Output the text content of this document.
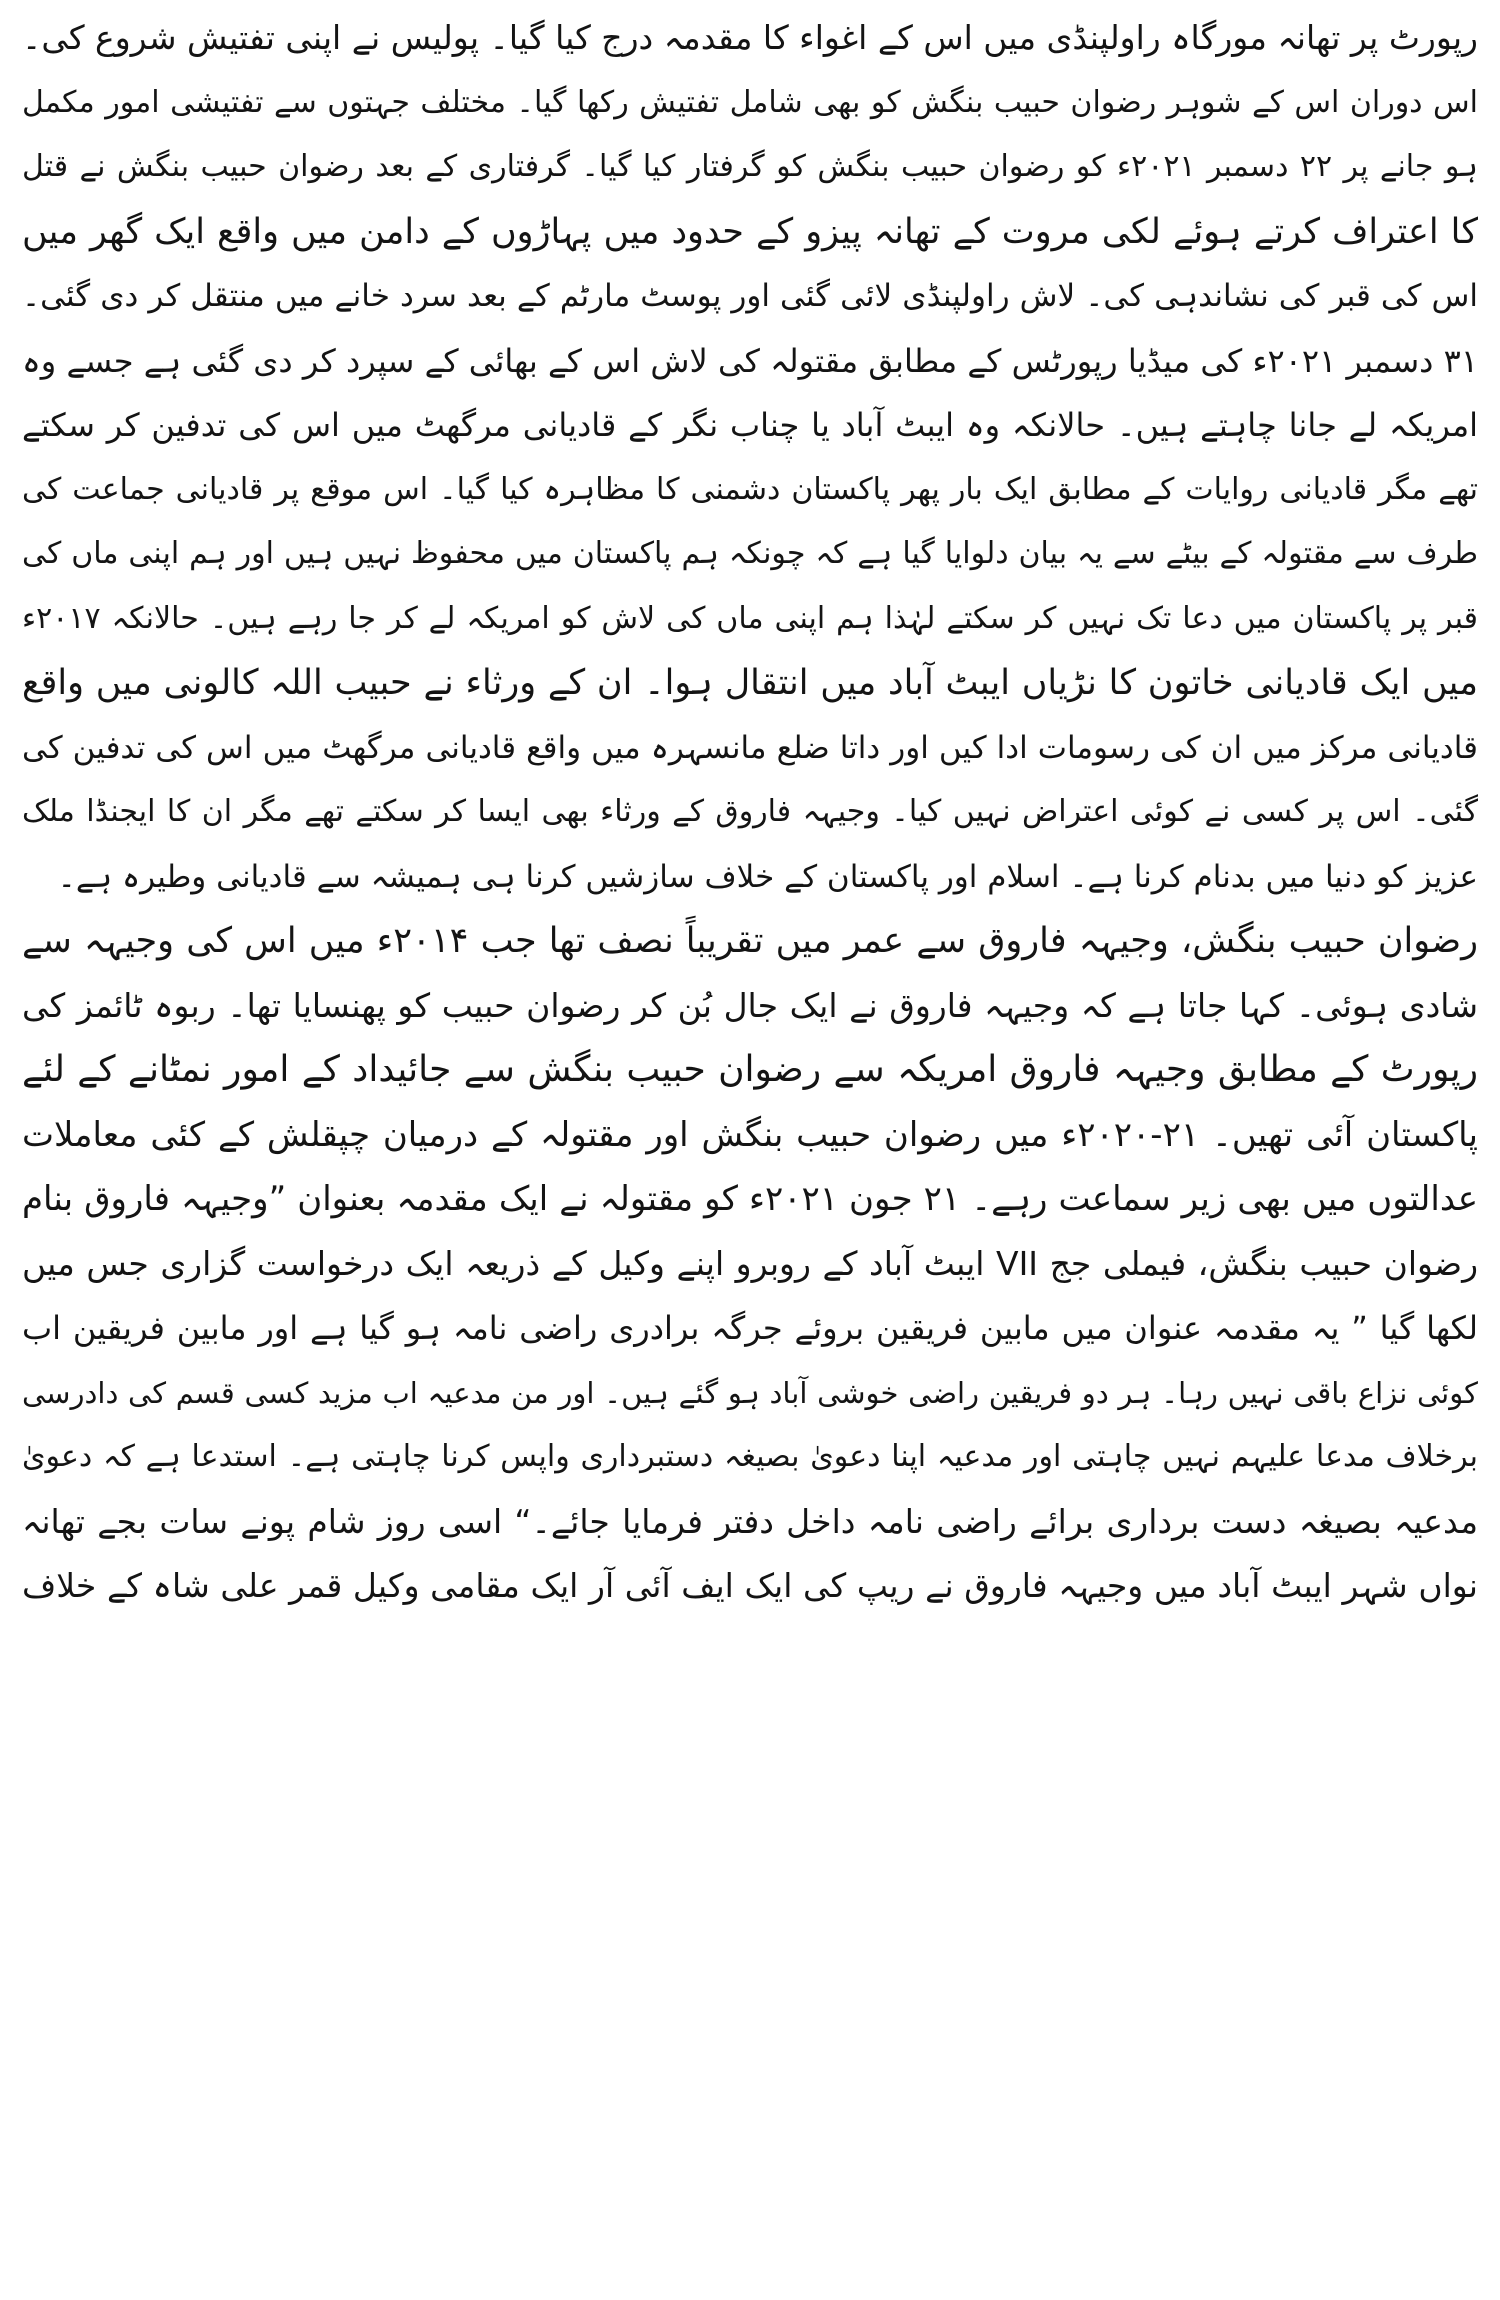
رپورٹ پر تھانہ مورگاہ راولپنڈی میں اس کے اغواء کا مقدمہ درج کیا گیا۔ پولیس نے اپنی تفتیش شروع کی۔
اس دوران اس کے شوہر رضوان حبیب بنگش کو بھی شامل تفتیش رکھا گیا۔ مختلف جہتوں سے تفتیشی امور مکمل
ہو جانے پر ۲۲ دسمبر ۲۰۲۱ء کو رضوان حبیب بنگش کو گرفتار کیا گیا۔ گرفتاری کے بعد رضوان حبیب بنگش نے قتل
کا اعتراف کرتے ہوئے لکی مروت کے تھانہ پیزو کے حدود میں پہاڑوں کے دامن میں واقع ایک گھر میں
اس کی قبر کی نشاندہی کی۔ لاش راولپنڈی لائی گئی اور پوسٹ مارٹم کے بعد سرد خانے میں منتقل کر دی گئی۔
۳۱ دسمبر ۲۰۲۱ء کی میڈیا رپورٹس کے مطابق مقتولہ کی لاش اس کے بھائی کے سپرد کر دی گئی ہے جسے وہ
امریکہ لے جانا چاہتے ہیں۔ حالانکہ وہ ایبٹ آباد یا چناب نگر کے قادیانی مرگھٹ میں اس کی تدفین کر سکتے
تھے مگر قادیانی روایات کے مطابق ایک بار پھر پاکستان دشمنی کا مظاہرہ کیا گیا۔ اس موقع پر قادیانی جماعت کی
طرف سے مقتولہ کے بیٹے سے یہ بیان دلوایا گیا ہے کہ چونکہ ہم پاکستان میں محفوظ نہیں ہیں اور ہم اپنی ماں کی
قبر پر پاکستان میں دعا تک نہیں کر سکتے لہٰذا ہم اپنی ماں کی لاش کو امریکہ لے کر جا رہے ہیں۔ حالانکہ ۲۰۱۷ء
میں ایک قادیانی خاتون کا نڑیاں ایبٹ آباد میں انتقال ہوا۔ ان کے ورثاء نے حبیب اللہ کالونی میں واقع
قادیانی مرکز میں ان کی رسومات ادا کیں اور داتا ضلع مانسہرہ میں واقع قادیانی مرگھٹ میں اس کی تدفین کی
گئی۔ اس پر کسی نے کوئی اعتراض نہیں کیا۔ وجیہہ فاروق کے ورثاء بھی ایسا کر سکتے تھے مگر ان کا ایجنڈا ملک
عزیز کو دنیا میں بدنام کرنا ہے۔ اسلام اور پاکستان کے خلاف سازشیں کرنا ہی ہمیشہ سے قادیانی وطیرہ ہے۔
رضوان حبیب بنگش، وجیہہ فاروق سے عمر میں تقریباً نصف تھا جب ۲۰۱۴ء میں اس کی وجیہہ سے
شادی ہوئی۔ کہا جاتا ہے کہ وجیہہ فاروق نے ایک جال بُن کر رضوان حبیب کو پھنسایا تھا۔ ربوہ ٹائمز کی
رپورٹ کے مطابق وجیہہ فاروق امریکہ سے رضوان حبیب بنگش سے جائیداد کے امور نمٹانے کے لئے
پاکستان آئی تھیں۔ ۲۱-۲۰۲۰ء میں رضوان حبیب بنگش اور مقتولہ کے درمیان چپقلش کے کئی معاملات
عدالتوں میں بھی زیر سماعت رہے۔ ۲۱ جون ۲۰۲۱ء کو مقتولہ نے ایک مقدمہ بعنوان ”وجیہہ فاروق بنام
رضوان حبیب بنگش، فیملی جج VII ایبٹ آباد کے روبرو اپنے وکیل کے ذریعہ ایک درخواست گزاری جس میں
لکھا گیا ” یہ مقدمہ عنوان میں مابین فریقین بروئے جرگہ برادری راضی نامہ ہو گیا ہے اور مابین فریقین اب
کوئی نزاع باقی نہیں رہا۔ ہر دو فریقین راضی خوشی آباد ہو گئے ہیں۔ اور من مدعیہ اب مزید کسی قسم کی دادرسی
برخلاف مدعا علیہم نہیں چاہتی اور مدعیہ اپنا دعویٰ بصیغہ دستبرداری واپس کرنا چاہتی ہے۔ استدعا ہے کہ دعویٰ
مدعیہ بصیغہ دست برداری برائے راضی نامہ داخل دفتر فرمایا جائے۔“ اسی روز شام پونے سات بجے تھانہ
نواں شہر ایبٹ آباد میں وجیہہ فاروق نے ریپ کی ایک ایف آئی آر ایک مقامی وکیل قمر علی شاہ کے خلاف
